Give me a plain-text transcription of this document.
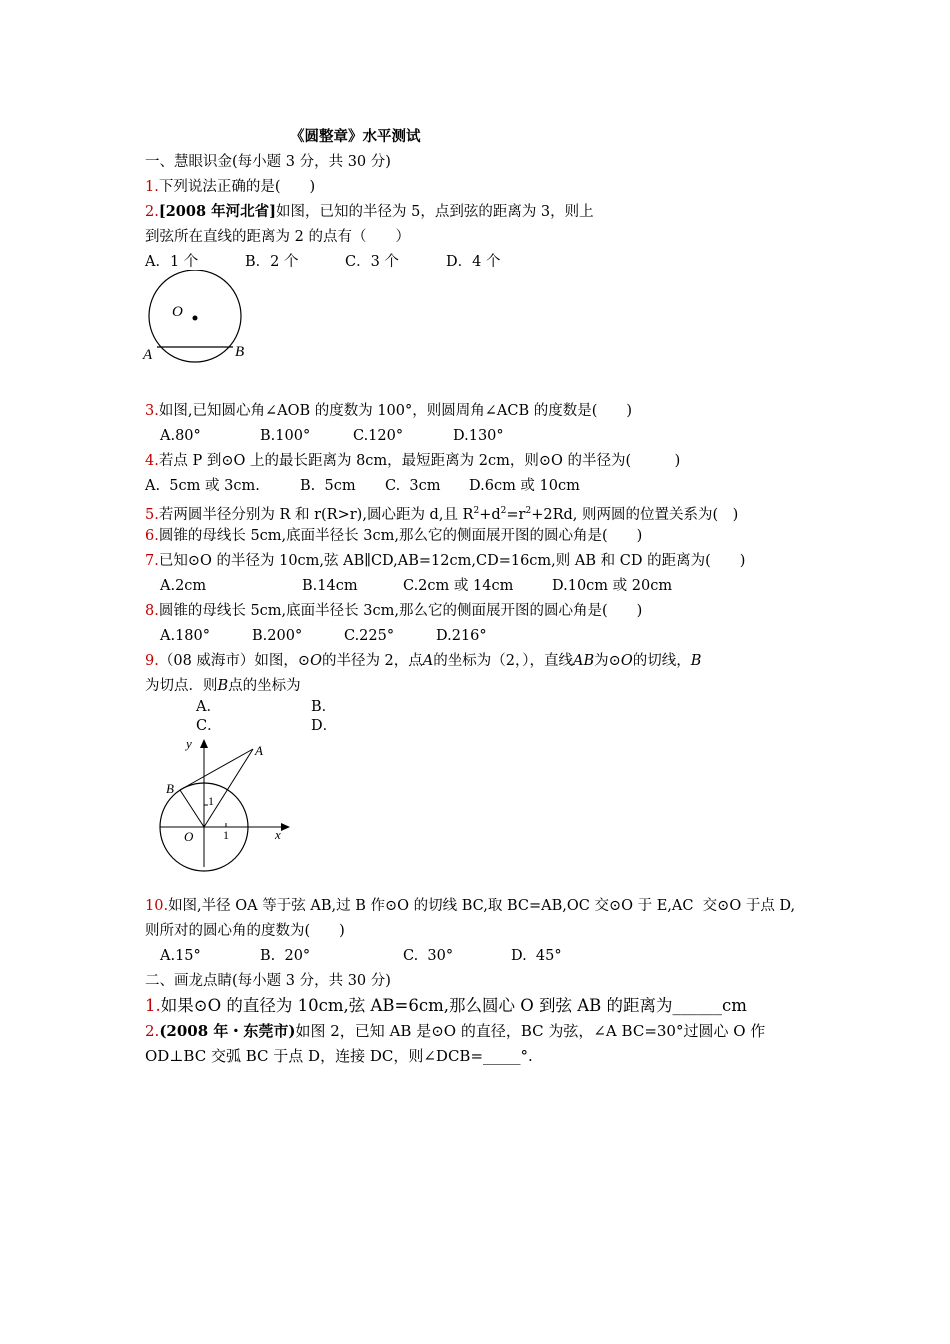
《圆整章》水平测试
一、慧眼识金(每小题 3 分，共 30 分)
1.下列说法正确的是(　　)
2.[2008 年河北省]如图，已知的半径为 5，点到弦的距离为 3，则上
到弦所在直线的距离为 2 的点有（　　）
A．1 个	B．2 个	C．3 个	D．4 个
O
A	B
3.如图,已知圆心角∠AOB 的度数为 100°，则圆周角∠ACB 的度数是(　　)
A.80°	B.100°	C.120°	D.130°
4.若点 P 到⊙O 上的最长距离为 8cm，最短距离为 2cm，则⊙O 的半径为(　　　)
A.  5cm 或 3cm.	B.  5cm C.  3cm D.6cm 或 10cm
5.若两圆半径分别为 R 和 r(R>r),圆心距为 d,且 $R^2+d^2=r^2+2Rd$, 则两圆的位置关系为(　)
6.圆锥的母线长 5cm,底面半径长 3cm,那么它的侧面展开图的圆心角是(　　)
7.已知⊙O 的半径为 10cm,弦 AB∥CD,AB=12cm,CD=16cm,则 AB 和 CD 的距离为(　　)
A.2cm	B.14cm	C.2cm 或 14cm	D.10cm 或 20cm
8.圆锥的母线长 5cm,底面半径长 3cm,那么它的侧面展开图的圆心角是(　　)
A.180°	B.200°	C.225°	D.216°
9.（08 威海市）如图，⊙O的半径为 2，点A的坐标为（2，），直线AB为⊙O的切线，B
为切点．则B点的坐标为
A．	B．
C．	D．
y	A
B
1
O 1	x
10.如图,半径 OA 等于弦 AB,过 B 作⊙O 的切线 BC,取 BC=AB,OC 交⊙O 于 E,AC  交⊙O 于点 D,
则所对的圆心角的度数为(　　)
A.15°	B.  20°	C.  30°	D.  45°
二、画龙点睛(每小题 3 分，共 30 分)
1.如果⊙O 的直径为 10cm,弦 AB=6cm,那么圆心 O 到弦 AB 的距离为______cm
2.(2008 年・东莞市)如图 2，已知 AB 是⊙O 的直径，BC 为弦，∠A BC=30°过圆心 O 作
OD⊥BC 交弧 BC 于点 D，连接 DC，则∠DCB=_____°.
